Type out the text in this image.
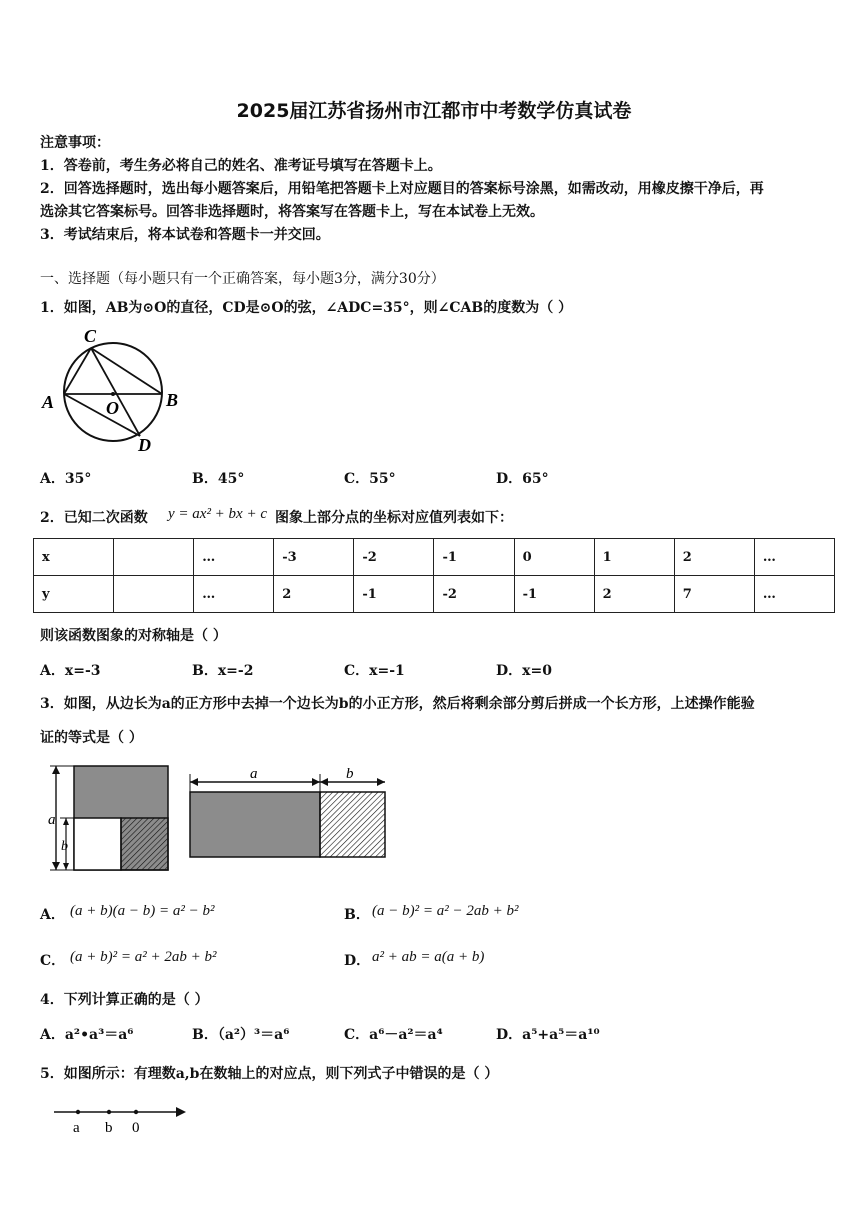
2025届江苏省扬州市江都市中考数学仿真试卷
注意事项：
1．答卷前，考生务必将自己的姓名、准考证号填写在答题卡上。
2．回答选择题时，选出每小题答案后，用铅笔把答题卡上对应题目的答案标号涂黑，如需改动，用橡皮擦干净后，再
选涂其它答案标号。回答非选择题时，将答案写在答题卡上，写在本试卷上无效。
3．考试结束后，将本试卷和答题卡一并交回。
一、选择题（每小题只有一个正确答案，每小题3分，满分30分）
1．如图，AB为⊙O的直径，CD是⊙O的弦，∠ADC=35°，则∠CAB的度数为（ ）
C
A	B
O
D
A．35°	B．45°	C．55°	D．65°
2．已知二次函数 y = ax² + bx + c 图象上部分点的坐标对应值列表如下：
x		…	-3	-2	-1	0	1	2	…
y		…	2	-1	-2	-1	2	7	…
则该函数图象的对称轴是（ ）
A．x=-3	B．x=-2	C．x=-1	D．x=0
3．如图，从边长为a的正方形中去掉一个边长为b的小正方形，然后将剩余部分剪后拼成一个长方形，上述操作能验
证的等式是（ ）
a
b
a	b
A． (a + b)(a − b) = a² − b²	B． (a − b)² = a² − 2ab + b²
C． (a + b)² = a² + 2ab + b²	D． a² + ab = a(a + b)
4．下列计算正确的是（ ）
A．a²•a³＝a⁶	B．（a²）³＝a⁶	C．a⁶－a²＝a⁴	D．a⁵+a⁵＝a¹⁰
5．如图所示：有理数a,b在数轴上的对应点，则下列式子中错误的是（ ）
a b 0
